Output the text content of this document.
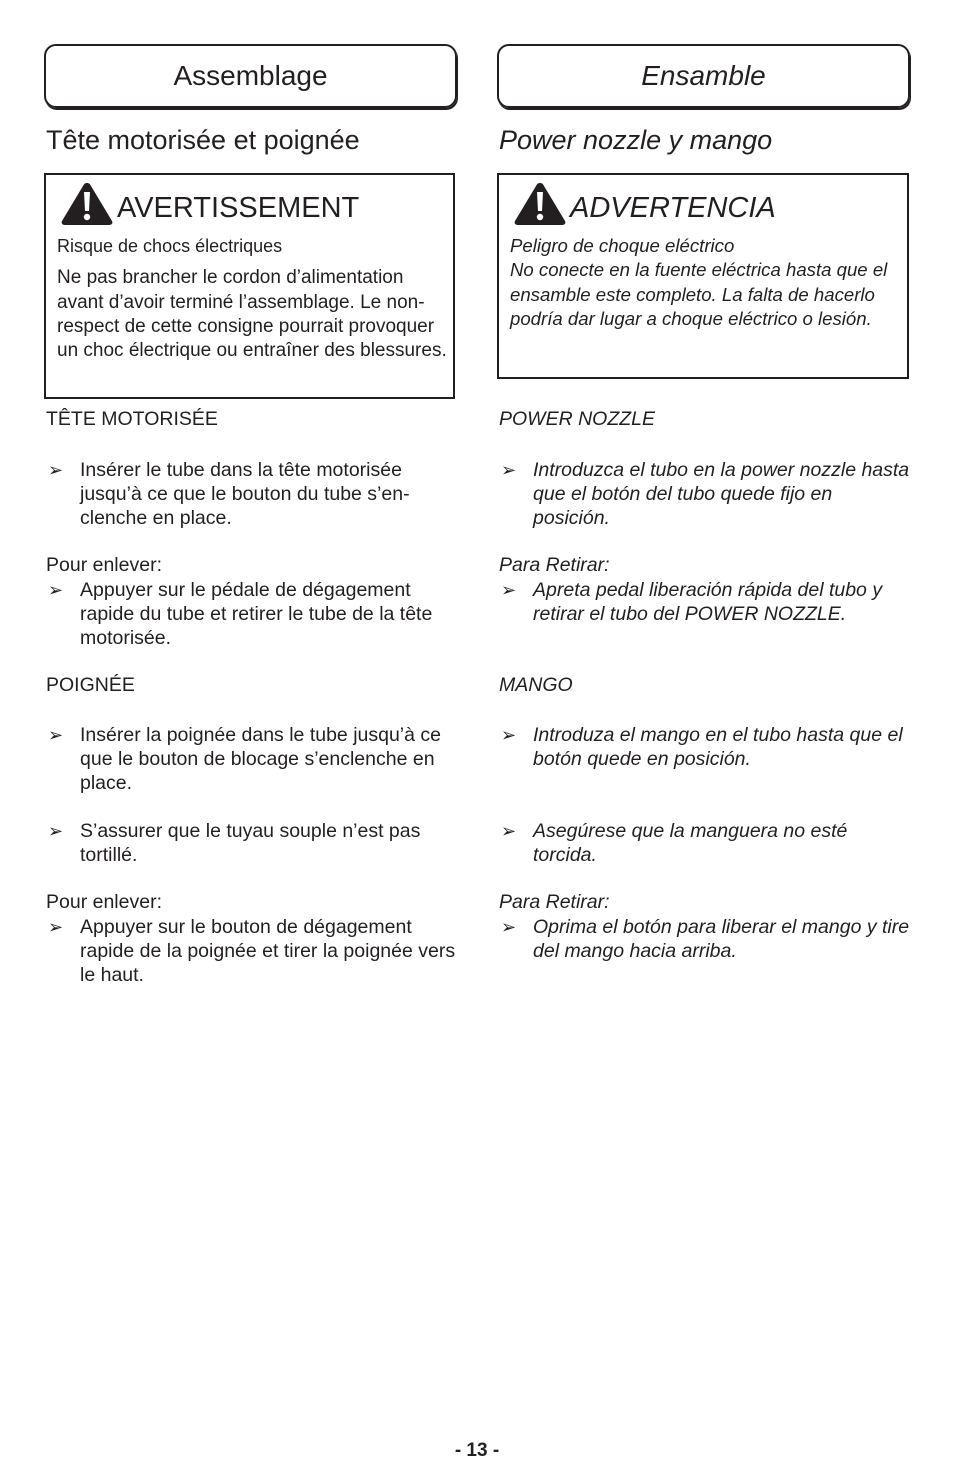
Assemblage
Tête motorisée et poignée
AVERTISSEMENT

Risque de chocs électriques

Ne pas brancher le cordon d’alimentation avant d’avoir terminé l’assemblage. Le non-respect de cette consigne pourrait provoquer un choc électrique ou entraîner des blessures.

TÊTE MOTORISÉE
➢ Insérer le tube dans la tête motorisée jusqu’à ce que le bouton du tube s’en-clenche en place.
Pour enlever:
➢ Appuyer sur le pédale de dégagement rapide du tube et retirer le tube de la tête motorisée.
POIGNÉE
➢ Insérer la poignée dans le tube jusqu’à ce que le bouton de blocage s’enclenche en place.
➢ S’assurer que le tuyau souple n’est pas tortillé.
Pour enlever:
➢ Appuyer sur le bouton de dégagement rapide de la poignée et tirer la poignée vers le haut.
Ensamble
Power nozzle y mango
ADVERTENCIA

Peligro de choque eléctrico

No conecte en la fuente eléctrica hasta que el ensamble este completo. La falta de hacerlo podría dar lugar a choque eléctrico o lesión.

POWER NOZZLE
➢ Introduzca el tubo en la power nozzle hasta que el botón del tubo quede fijo en posición.
Para Retirar:
➢ Apreta pedal liberación rápida del tubo y retirar el tubo del POWER NOZZLE.
MANGO
➢ Introduza el mango en el tubo hasta que el botón quede en posición.
➢ Asegúrese que la manguera no esté torcida.
Para Retirar:
➢ Oprima el botón para liberar el mango y tire del mango hacia arriba.
- 13 -
